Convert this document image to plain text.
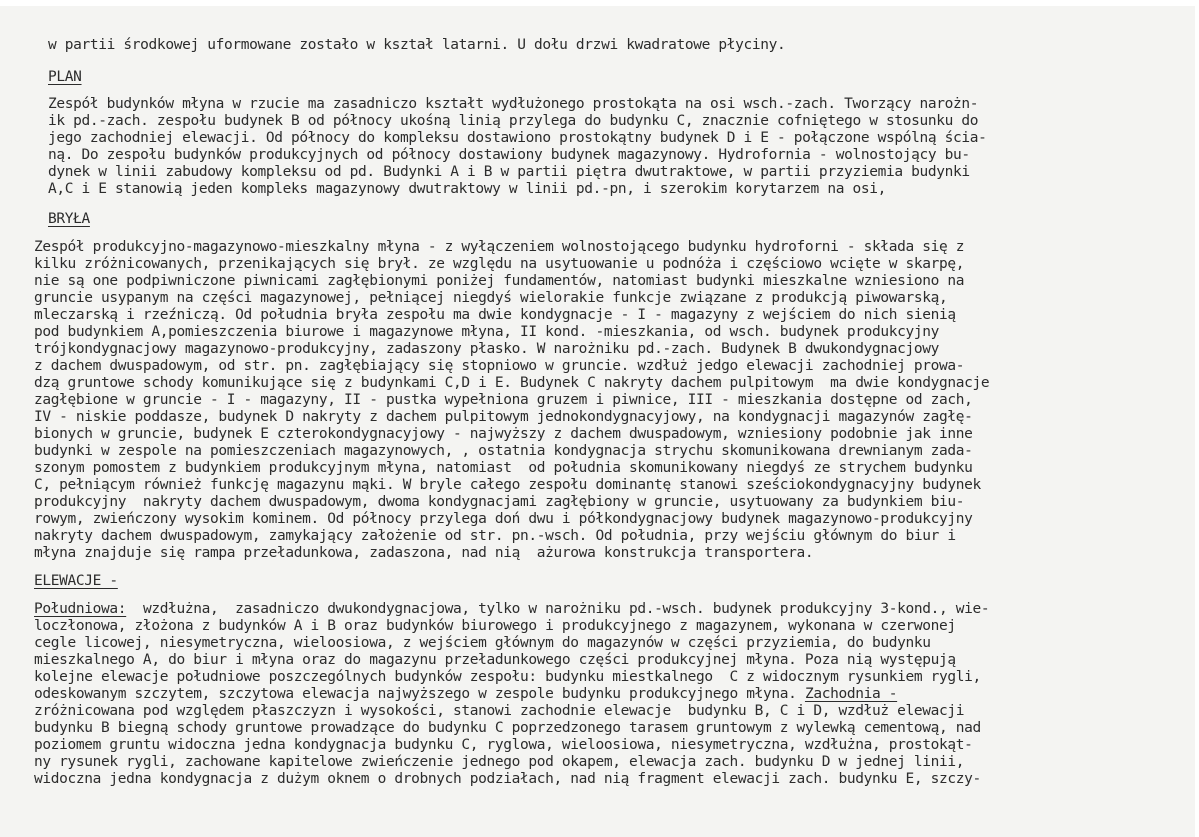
w partii środkowej uformowane zostało w kształ latarni. U dołu drzwi kwadratowe płyciny.

PLAN

Zespół budynków młyna w rzucie ma zasadniczo kształt wydłużonego prostokąta na osi wsch.-zach. Tworzący narożn-

ik pd.-zach. zespołu budynek B od północy ukośną linią przylega do budynku C, znacznie cofniętego w stosunku do

jego zachodniej elewacji. Od północy do kompleksu dostawiono prostokątny budynek D i E - połączone wspólną ścia-

ną. Do zespołu budynków produkcyjnych od północy dostawiony budynek magazynowy. Hydrofornia - wolnostojący bu-

dynek w linii zabudowy kompleksu od pd. Budynki A i B w partii piętra dwutraktowe, w partii przyziemia budynki

A,C i E stanowią jeden kompleks magazynowy dwutraktowy w linii pd.-pn, i szerokim korytarzem na osi,

BRYŁA

Zespół produkcyjno-magazynowo-mieszkalny młyna - z wyłączeniem wolnostojącego budynku hydroforni - składa się z

kilku zróżnicowanych, przenikających się brył. ze względu na usytuowanie u podnóża i częściowo wcięte w skarpę,

nie są one podpiwniczone piwnicami zagłębionymi poniżej fundamentów, natomiast budynki mieszkalne wzniesiono na

gruncie usypanym na części magazynowej, pełniącej niegdyś wielorakie funkcje związane z produkcją piwowarską,

mleczarską i rzeźniczą. Od południa bryła zespołu ma dwie kondygnacje - I - magazyny z wejściem do nich sienią

pod budynkiem A,pomieszczenia biurowe i magazynowe młyna, II kond. -mieszkania, od wsch. budynek produkcyjny

trójkondygnacjowy magazynowo-produkcyjny, zadaszony płasko. W narożniku pd.-zach. Budynek B dwukondygnacjowy

z dachem dwuspadowym, od str. pn. zagłębiający się stopniowo w gruncie. wzdłuż jedgo elewacji zachodniej prowa-

dzą gruntowe schody komunikujące się z budynkami C,D i E. Budynek C nakryty dachem pulpitowym  ma dwie kondygnacje

zagłębione w gruncie - I - magazyny, II - pustka wypełniona gruzem i piwnice, III - mieszkania dostępne od zach,

IV - niskie poddasze, budynek D nakryty z dachem pulpitowym jednokondygnacyjowy, na kondygnacji magazynów zagłę-

bionych w gruncie, budynek E czterokondygnacyjowy - najwyższy z dachem dwuspadowym, wzniesiony podobnie jak inne

budynki w zespole na pomieszczeniach magazynowych, , ostatnia kondygnacja strychu skomunikowana drewnianym zada-

szonym pomostem z budynkiem produkcyjnym młyna, natomiast  od południa skomunikowany niegdyś ze strychem budynku

C, pełniącym również funkcję magazynu mąki. W bryle całego zespołu dominantę stanowi sześciokondygnacyjny budynek

produkcyjny  nakryty dachem dwuspadowym, dwoma kondygnacjami zagłębiony w gruncie, usytuowany za budynkiem biu-

rowym, zwieńczony wysokim kominem. Od północy przylega doń dwu i półkondygnacjowy budynek magazynowo-produkcyjny

nakryty dachem dwuspadowym, zamykający założenie od str. pn.-wsch. Od południa, przy wejściu głównym do biur i

młyna znajduje się rampa przeładunkowa, zadaszona, nad nią  ażurowa konstrukcja transportera.

ELEWACJE -

Południowa:  wzdłużna,  zasadniczo dwukondygnacjowa, tylko w narożniku pd.-wsch. budynek produkcyjny 3-kond., wie-

loczłonowa, złożona z budynków A i B oraz budynków biurowego i produkcyjnego z magazynem, wykonana w czerwonej

cegle licowej, niesymetryczna, wieloosiowa, z wejściem głównym do magazynów w części przyziemia, do budynku

mieszkalnego A, do biur i młyna oraz do magazynu przeładunkowego części produkcyjnej młyna. Poza nią występują

kolejne elewacje południowe poszczególnych budynków zespołu: budynku miestkalnego  C z widocznym rysunkiem rygli,

odeskowanym szczytem, szczytowa elewacja najwyższego w zespole budynku produkcyjnego młyna. Zachodnia -

zróżnicowana pod względem płaszczyzn i wysokości, stanowi zachodnie elewacje  budynku B, C i D, wzdłuż elewacji

budynku B biegną schody gruntowe prowadzące do budynku C poprzedzonego tarasem gruntowym z wylewką cementową, nad

poziomem gruntu widoczna jedna kondygnacja budynku C, ryglowa, wieloosiowa, niesymetryczna, wzdłużna, prostokąt-

ny rysunek rygli, zachowane kapitelowe zwieńczenie jednego pod okapem, elewacja zach. budynku D w jednej linii,

widoczna jedna kondygnacja z dużym oknem o drobnych podziałach, nad nią fragment elewacji zach. budynku E, szczy-
